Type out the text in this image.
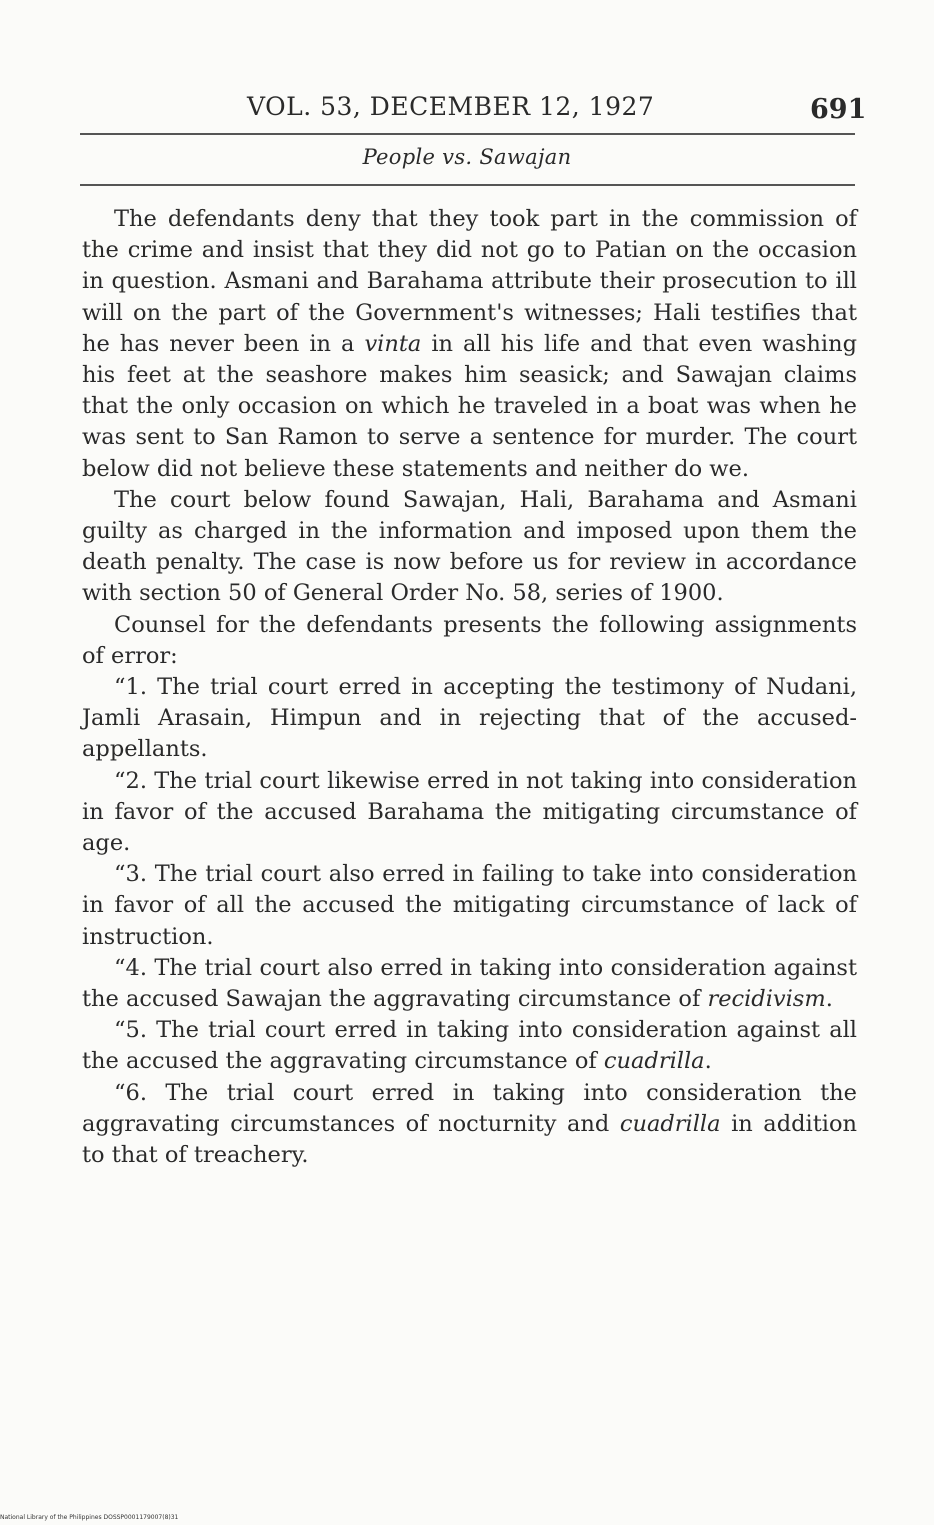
VOL. 53, DECEMBER 12, 1927	691
People vs. Sawajan

The defendants deny that they took part in the commission of the crime and insist that they did not go to Patian on the occasion in question. Asmani and Barahama attribute their prosecution to ill will on the part of the Government's witnesses; Hali testifies that he has never been in a vinta in all his life and that even washing his feet at the seashore makes him seasick; and Sawajan claims that the only occasion on which he traveled in a boat was when he was sent to San Ramon to serve a sentence for murder. The court below did not believe these statements and neither do we.

The court below found Sawajan, Hali, Barahama and Asmani guilty as charged in the information and imposed upon them the death penalty. The case is now before us for review in accordance with section 50 of General Order No. 58, series of 1900.

Counsel for the defendants presents the following assignments of error:

“1. The trial court erred in accepting the testimony of Nudani, Jamli Arasain, Himpun and in rejecting that of the accused-appellants.

“2. The trial court likewise erred in not taking into consideration in favor of the accused Barahama the mitigating circumstance of age.

“3. The trial court also erred in failing to take into consideration in favor of all the accused the mitigating circumstance of lack of instruction.

“4. The trial court also erred in taking into consideration against the accused Sawajan the aggravating circumstance of recidivism.

“5. The trial court erred in taking into consideration against all the accused the aggravating circumstance of cuadrilla.

“6. The trial court erred in taking into consideration the aggravating circumstances of nocturnity and cuadrilla in addition to that of treachery.

National Library of the Philippines DOSSP0001179007(8)31
